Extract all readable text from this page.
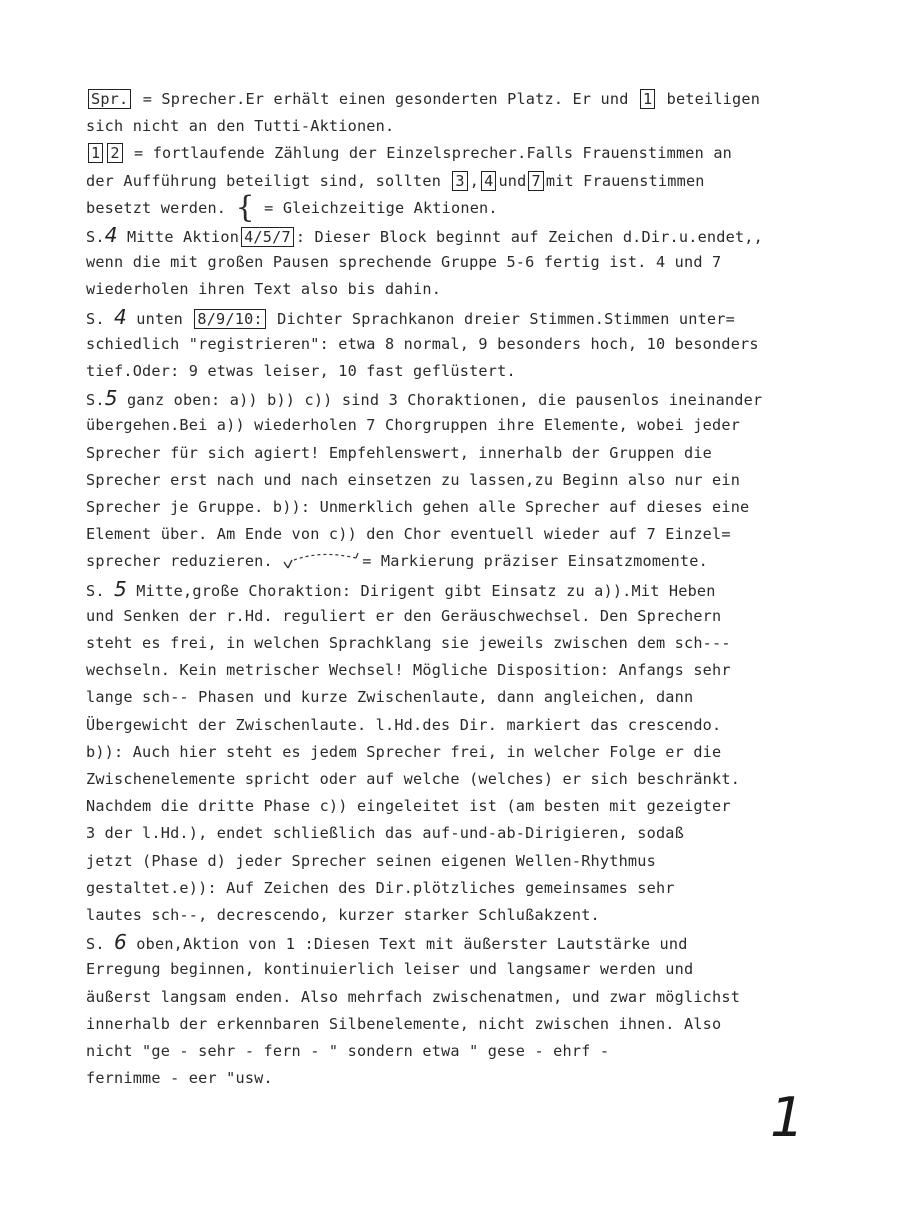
Spr. = Sprecher.Er erhält einen gesonderten Platz. Er und 1 beteiligen
sich nicht an den Tutti-Aktionen.
1 2 = fortlaufende Zählung der Einzelsprecher.Falls Frauenstimmen an
der Aufführung beteiligt sind, sollten 3 , 4 und 7 mit Frauenstimmen
besetzt werden. { = Gleichzeitige Aktionen.
S.4 Mitte Aktion 4/5/7 : Dieser Block beginnt auf Zeichen d.Dir.u.endet,,
wenn die mit großen Pausen sprechende Gruppe 5-6 fertig ist. 4 und 7
wiederholen ihren Text also bis dahin.
S. 4 unten 8/9/10: Dichter Sprachkanon dreier Stimmen.Stimmen unter=
schiedlich "registrieren": etwa 8 normal, 9 besonders hoch, 10 besonders
tief.Oder: 9 etwas leiser, 10 fast geflüstert.
S.5 ganz oben: a)) b)) c)) sind 3 Choraktionen, die pausenlos ineinander
übergehen.Bei a)) wiederholen 7 Chorgruppen ihre Elemente, wobei jeder
Sprecher für sich agiert! Empfehlenswert, innerhalb der Gruppen die
Sprecher erst nach und nach einsetzen zu lassen,zu Beginn also nur ein
Sprecher je Gruppe. b)): Unmerklich gehen alle Sprecher auf dieses eine
Element über. Am Ende von c)) den Chor eventuell wieder auf 7 Einzel=
sprecher reduzieren.	= Markierung präziser Einsatzmomente.
S. 5 Mitte,große Choraktion: Dirigent gibt Einsatz zu a)).Mit Heben
und Senken der r.Hd. reguliert er den Geräuschwechsel. Den Sprechern
steht es frei, in welchen Sprachklang sie jeweils zwischen dem sch---
wechseln. Kein metrischer Wechsel! Mögliche Disposition: Anfangs sehr
lange sch-- Phasen und kurze Zwischenlaute, dann angleichen, dann
Übergewicht der Zwischenlaute. l.Hd.des Dir. markiert das crescendo.
b)): Auch hier steht es jedem Sprecher frei, in welcher Folge er die
Zwischenelemente spricht oder auf welche (welches) er sich beschränkt.
Nachdem die dritte Phase c)) eingeleitet ist (am besten mit gezeigter
3 der l.Hd.), endet schließlich das auf-und-ab-Dirigieren, sodaß
jetzt (Phase d) jeder Sprecher seinen eigenen Wellen-Rhythmus
gestaltet.e)): Auf Zeichen des Dir.plötzliches gemeinsames sehr
lautes sch--, decrescendo, kurzer starker Schlußakzent.
S. 6 oben,Aktion von 1 :Diesen Text mit äußerster Lautstärke und
Erregung beginnen, kontinuierlich leiser und langsamer werden und
äußerst langsam enden. Also mehrfach zwischenatmen, und zwar möglichst
innerhalb der erkennbaren Silbenelemente, nicht zwischen ihnen. Also
nicht "ge - sehr - fern - " sondern etwa " gese - ehrf -
fernimme - eer "usw.
1
